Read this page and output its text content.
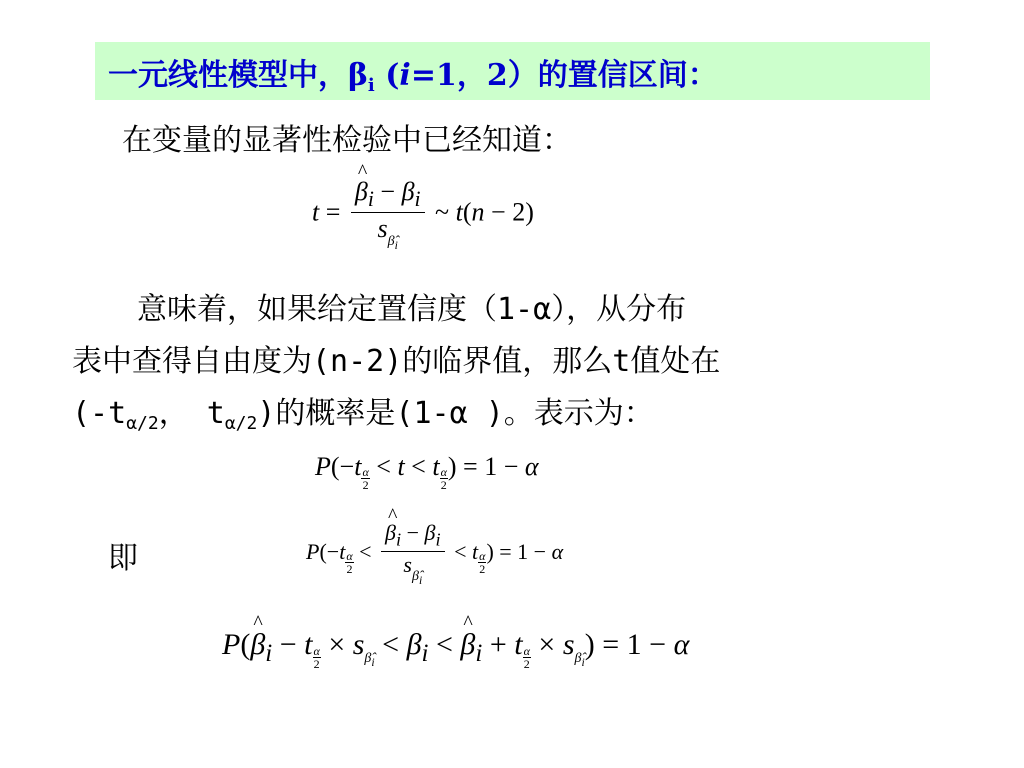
一元线性模型中，$\beta_i$ (i=1，2）的置信区间：
在变量的显著性检验中已经知道：
t = ^ $\frac{\beta_i - \beta_i}{s_{\betâ_i}}$ ~ t(n − 2)
意味着，如果给定置信度（1-α），从分布
表中查得自由度为(n-2)的临界值，那么t值处在
($-t_{\alpha/2}$， $t_{\alpha/2}$)的概率是(1-α )。表示为：
$P(-t \frac{\alpha}{2} < t < t \frac{\alpha}{2}$ ) = 1 − α
即	$P(-t \frac{\alpha}{2}$ < ^ $\frac{\beta_i - \beta_i}{s_{\betâ_i}} < t \frac{\alpha}{2}$ ) = 1 − α
P(^ $\beta_i - t \frac{\alpha}{2} \times s_{\betâ_i} < \beta_i$ < ^ $\beta_i + t \frac{\alpha}{2} \times s_{\betâ_i}) = 1 - \alpha$
